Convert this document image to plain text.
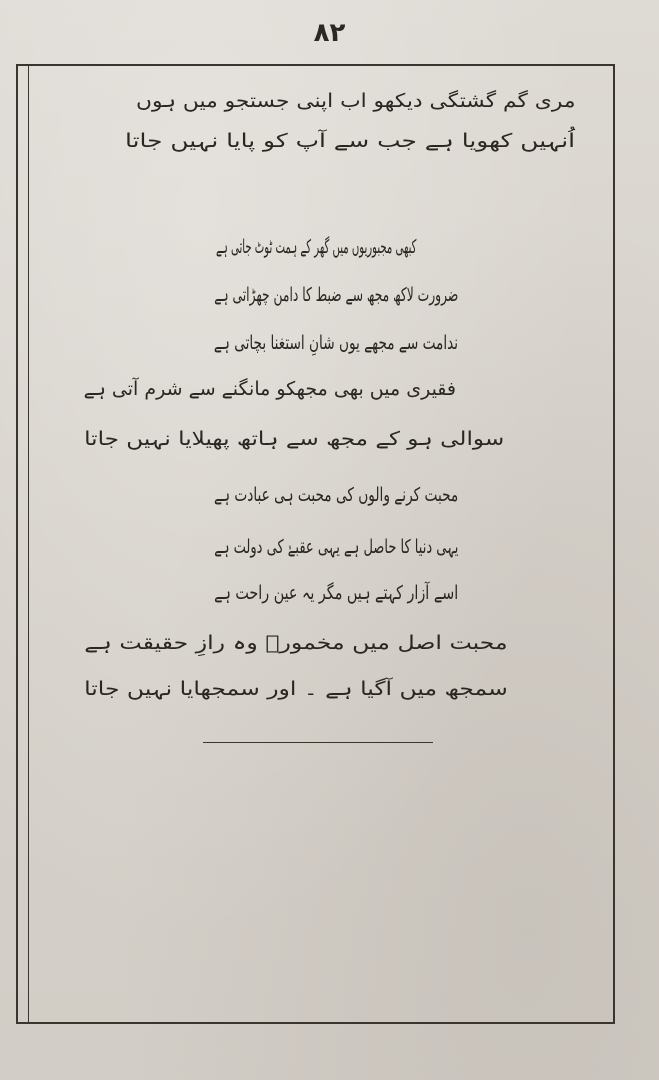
۸۲
مری گم گشتگی دیکھو اب اپنی جستجو میں ہوں
اُنہیں کھویا ہے جب سے آپ کو پایا نہیں جاتا
کبھی مجبوریوں میں گھر کے ہمت ٹوٹ جاتی ہے
ضرورت لاکھ مجھ سے ضبط کا دامن چھڑاتی ہے
ندامت سے مجھے یوں شانِ استغنا بچاتی ہے
فقیری میں بھی مجھکو مانگنے سے شرم آتی ہے
سوالی ہو کے مجھ سے ہاتھ پھیلایا نہیں جاتا
محبت کرنے والوں کی محبت ہی عبادت ہے
یہی دنیا کا حاصل ہے یہی عقبےٰ کی دولت ہے
اسے آزار کہتے ہیں مگر یہ عین راحت ہے
محبت اصل میں مخمورؔ وہ رازِ حقیقت ہے
سمجھ میں آگیا ہے ۔ اور سمجھایا نہیں جاتا
